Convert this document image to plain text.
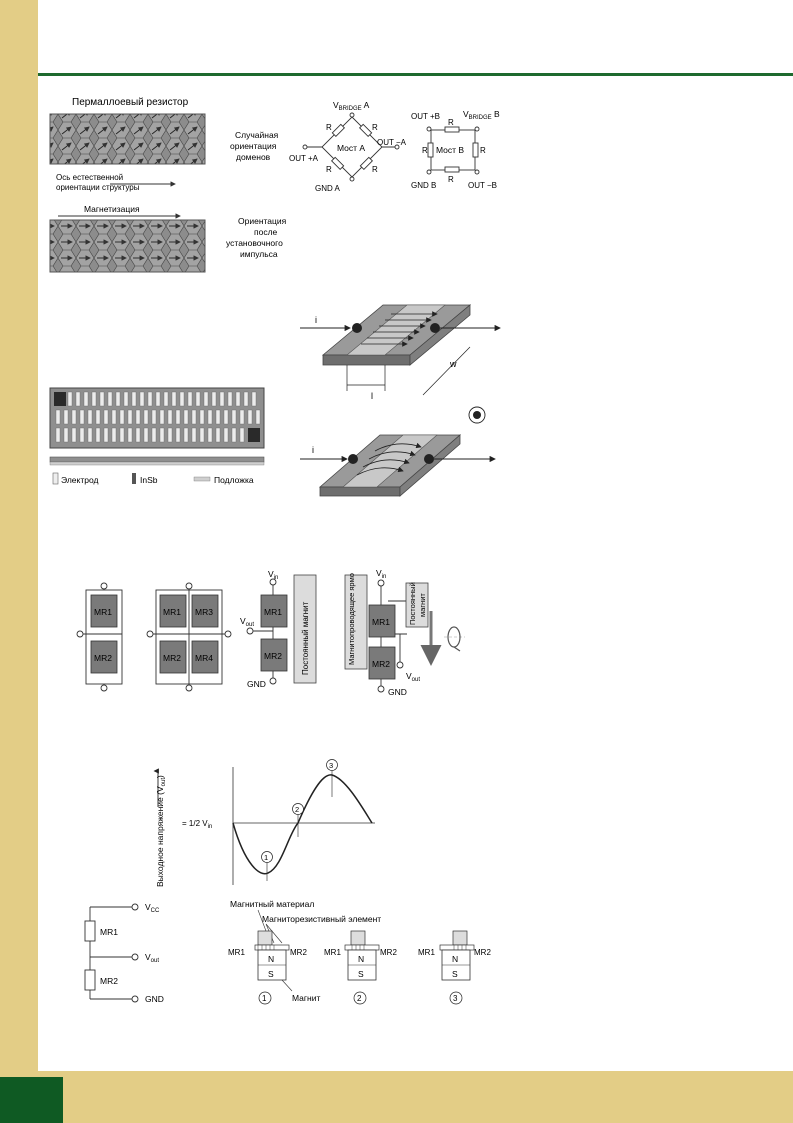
Пермаллоевый резистор
Случайная
ориентация
доменов
Ось естественной
ориентации структуры
Магнетизация
Ориентация
после
установочного
импульса
$V_{BRIDGE}$ A
R	R
R	R
Мост A
OUT −A
OUT +A
GND A
OUT +B	$V_{BRIDGE}$ B
R
R	R
R
Мост B
GND B	OUT −B
Электрод	InSb	Подложка
i
l
w
i
MR1
MR2
MR1 MR3
MR2 MR4
MR1
MR2
MR1
MR2
$V_{in}$
$V_{out}$
GND
Постоянный магнит	Магнитопроводящее ярмо
$V_{in}$
$V_{out}$
GND
Постоянный магнит
Выходное напряжение $(V_{out})$
= 1/2 $V_{in}$
1
2
3
$V_{CC}$
MR1
$V_{out}$
MR2
GND
Магнитный материал
Магниторезистивный элемент
N
S
MR1	MR2
Магнит
1
N
S
MR1	MR2
2
N
S
MR1	MR2
3
